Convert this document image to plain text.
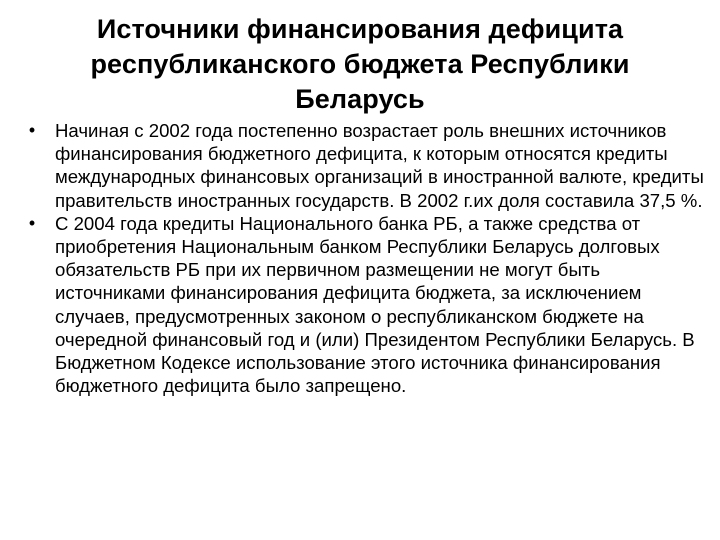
Источники финансирования дефицита республиканского бюджета Республики Беларусь
• Начиная с 2002 года постепенно возрастает роль внешних источников финансирования бюджетного дефицита, к которым относятся кредиты международных финансовых организаций в иностранной валюте, кредиты правительств иностранных государств. В 2002 г.их доля составила 37,5 %.
• С 2004 года кредиты Национального банка РБ, а также средства от приобретения Национальным банком Республики Беларусь долговых обязательств РБ при их первичном размещении не могут быть источниками финансирования дефицита бюджета, за исключением случаев, предусмотренных законом о республиканском бюджете на очередной финансовый год и (или) Президентом Республики Беларусь. В Бюджетном Кодексе использование этого источника финансирования бюджетного дефицита было запрещено.
